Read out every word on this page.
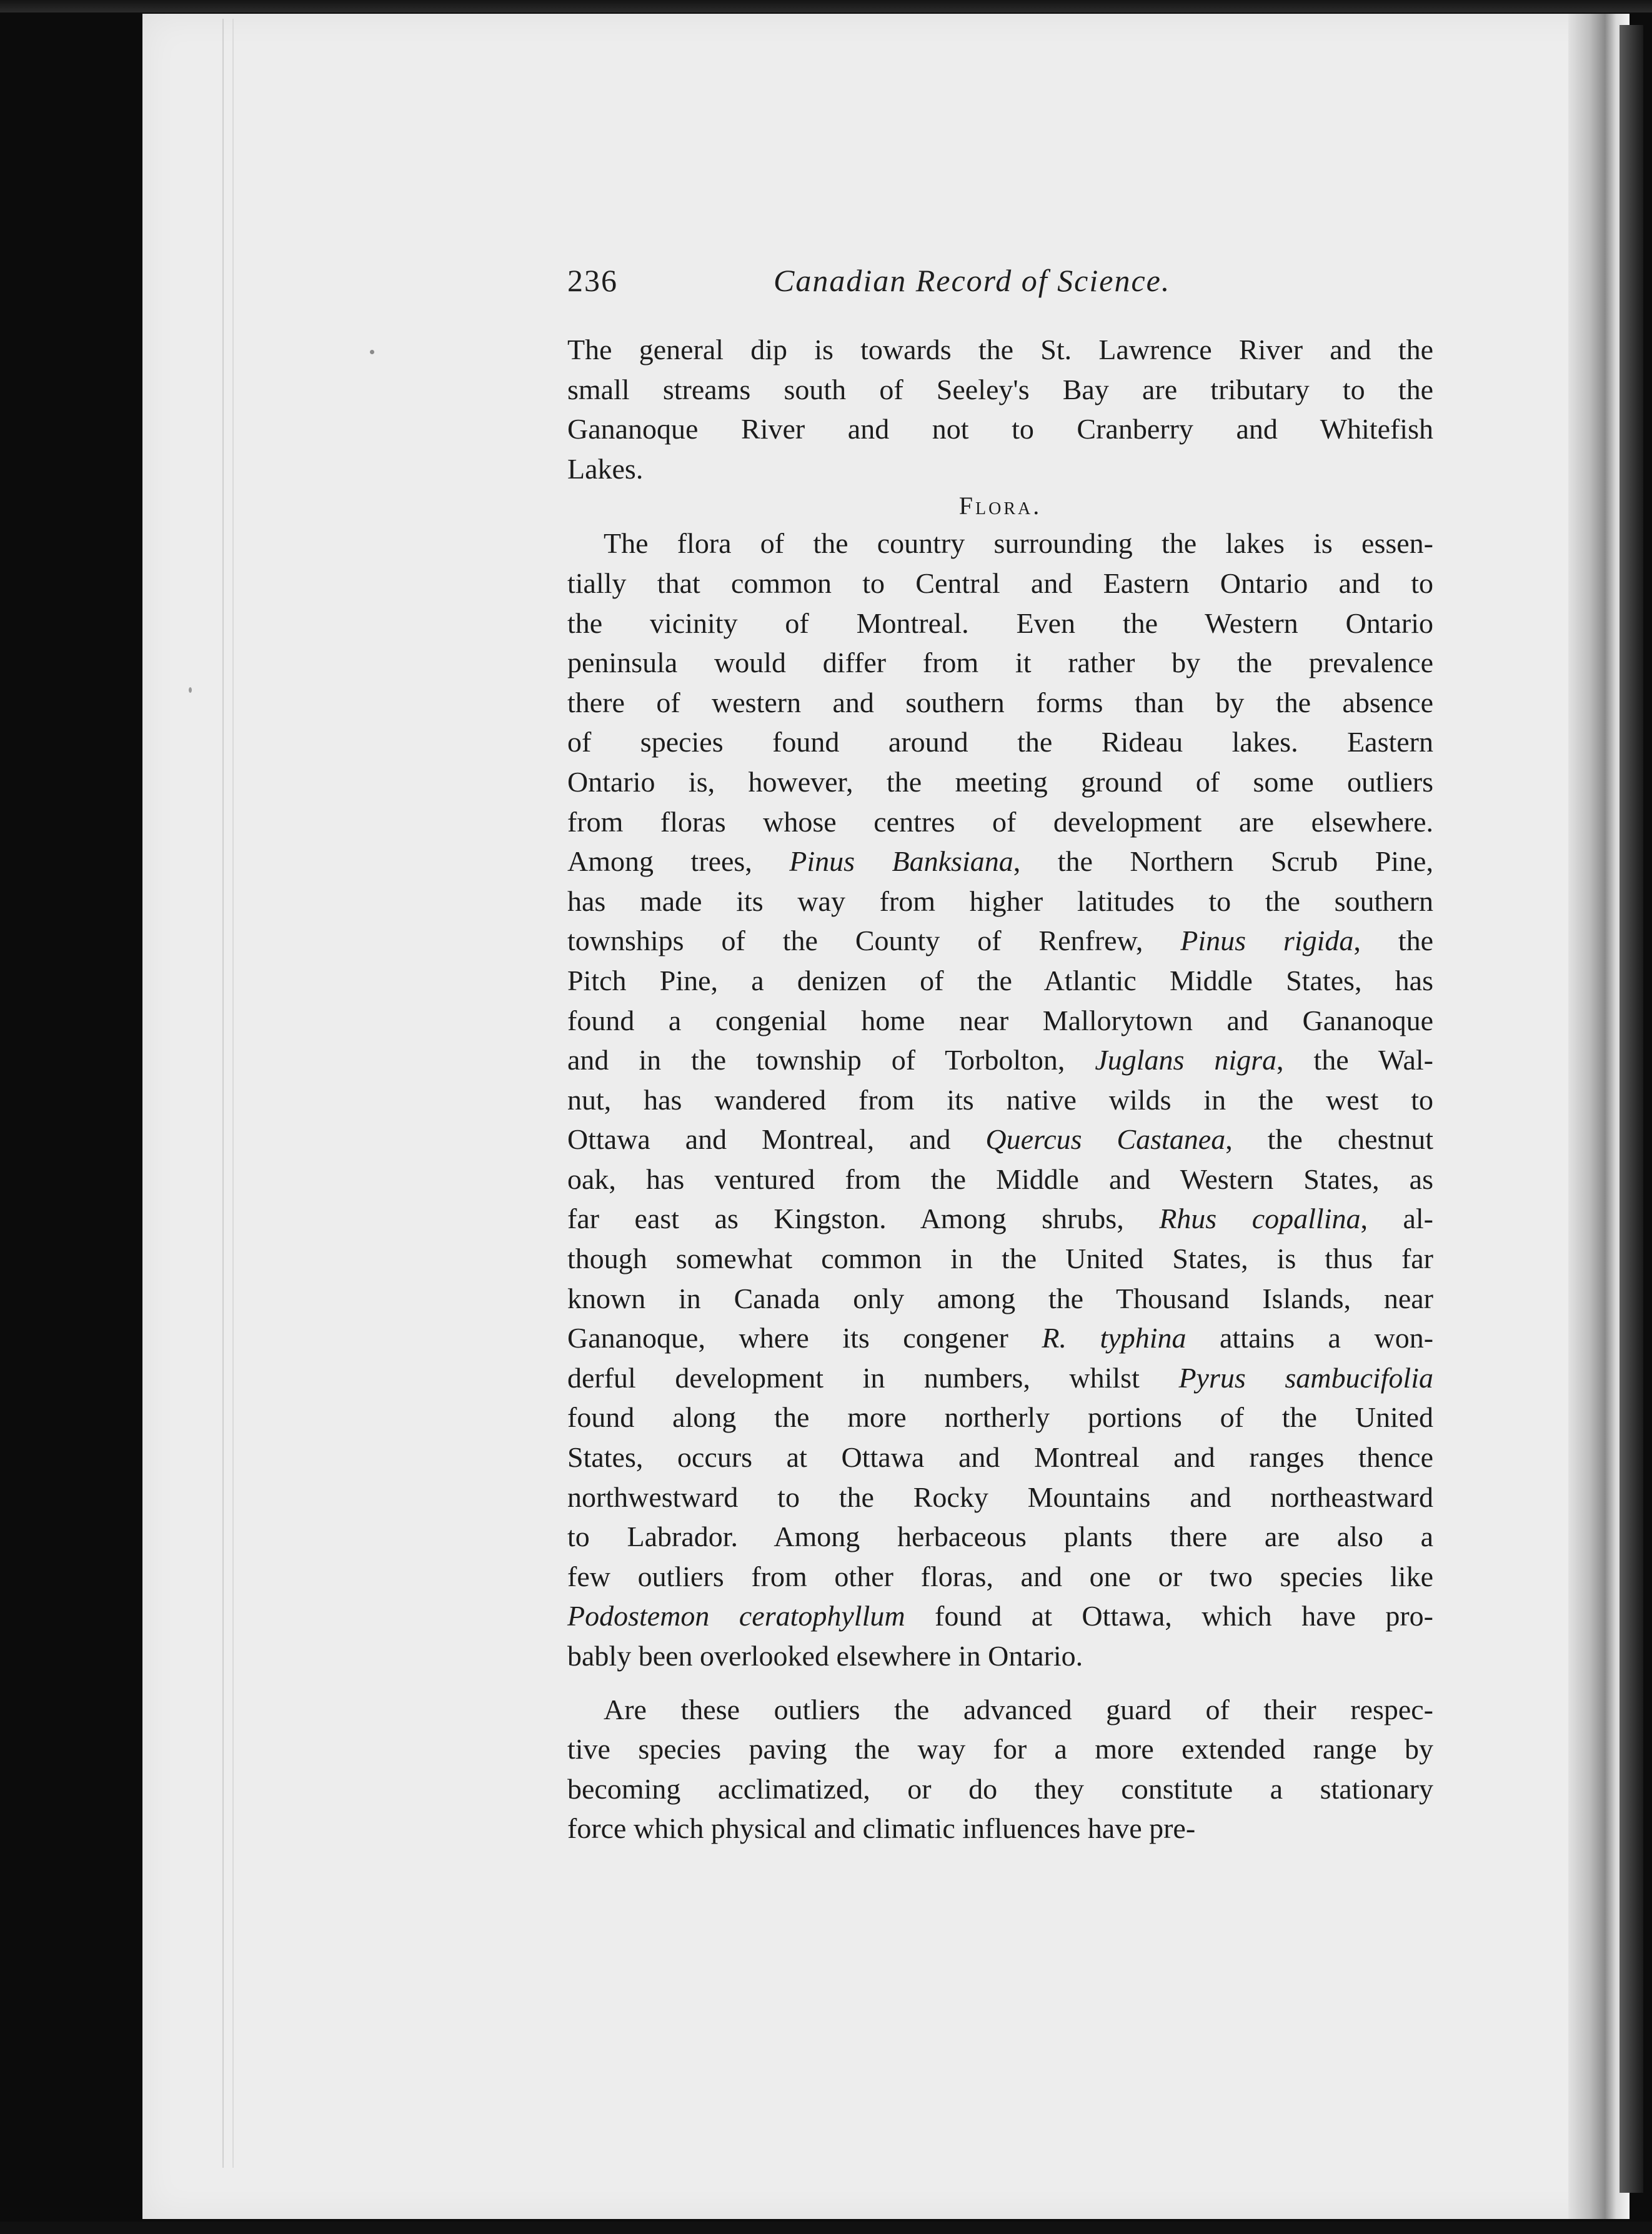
236	Canadian Record of Science.

The general dip is towards the St. Lawrence River and the
small streams south of Seeley's Bay are tributary to the
Gananoque River and not to Cranberry and Whitefish
Lakes.

Flora.

The flora of the country surrounding the lakes is essen-
tially that common to Central and Eastern Ontario and to
the vicinity of Montreal. Even the Western Ontario
peninsula would differ from it rather by the prevalence
there of western and southern forms than by the absence
of species found around the Rideau lakes. Eastern
Ontario is, however, the meeting ground of some outliers
from floras whose centres of development are elsewhere.
Among trees, Pinus Banksiana, the Northern Scrub Pine,
has made its way from higher latitudes to the southern
townships of the County of Renfrew, Pinus rigida, the
Pitch Pine, a denizen of the Atlantic Middle States, has
found a congenial home near Mallorytown and Gananoque
and in the township of Torbolton, Juglans nigra, the Wal-
nut, has wandered from its native wilds in the west to
Ottawa and Montreal, and Quercus Castanea, the chestnut
oak, has ventured from the Middle and Western States, as
far east as Kingston. Among shrubs, Rhus copallina, al-
though somewhat common in the United States, is thus far
known in Canada only among the Thousand Islands, near
Gananoque, where its congener R. typhina attains a won-
derful development in numbers, whilst Pyrus sambucifolia
found along the more northerly portions of the United
States, occurs at Ottawa and Montreal and ranges thence
northwestward to the Rocky Mountains and northeastward
to Labrador. Among herbaceous plants there are also a
few outliers from other floras, and one or two species like
Podostemon ceratophyllum found at Ottawa, which have pro-
bably been overlooked elsewhere in Ontario.

Are these outliers the advanced guard of their respec-
tive species paving the way for a more extended range by
becoming acclimatized, or do they constitute a stationary
force which physical and climatic influences have pre-
